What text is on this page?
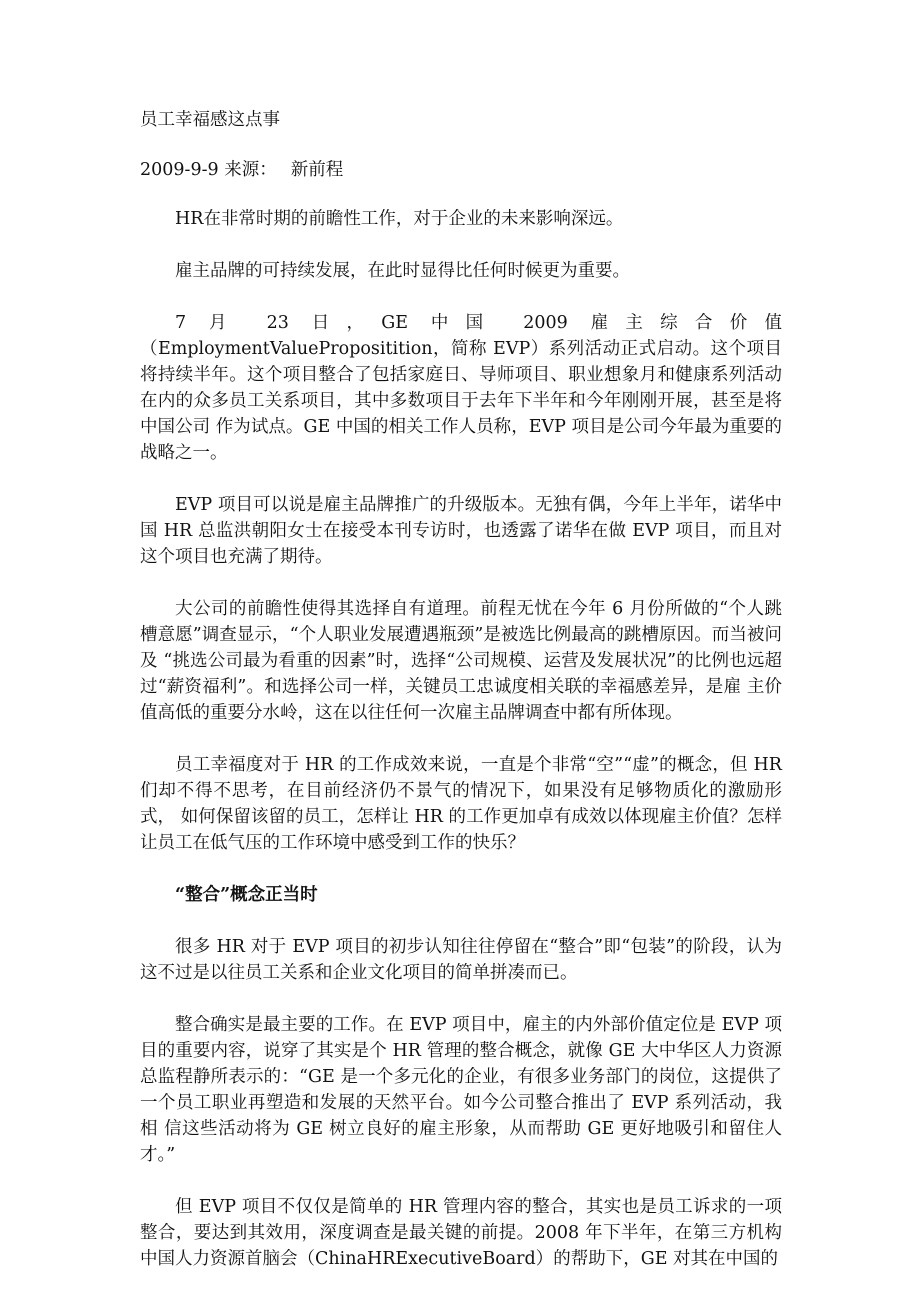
员工幸福感这点事
2009-9-9 来源： 新前程

HR在非常时期的前瞻性工作，对于企业的未来影响深远。

雇主品牌的可持续发展，在此时显得比任何时候更为重要。

7 月 23 日，GE 中国 2009 雇主综合价值（EmploymentValuePropositition，简称 EVP）系列活动正式启动。这个项目将持续半年。这个项目整合了包括家庭日、导师项目、职业想象月和健康系列活动在内的众多员工关系项目，其中多数项目于去年下半年和今年刚刚开展，甚至是将中国公司 作为试点。GE 中国的相关工作人员称，EVP 项目是公司今年最为重要的战略之一。

EVP 项目可以说是雇主品牌推广的升级版本。无独有偶，今年上半年，诺华中国 HR 总监洪朝阳女士在接受本刊专访时，也透露了诺华在做 EVP 项目，而且对这个项目也充满了期待。

大公司的前瞻性使得其选择自有道理。前程无忧在今年 6 月份所做的“个人跳槽意愿”调查显示，“个人职业发展遭遇瓶颈”是被选比例最高的跳槽原因。而当被问及 “挑选公司最为看重的因素”时，选择“公司规模、运营及发展状况”的比例也远超过“薪资福利”。和选择公司一样，关键员工忠诚度相关联的幸福感差异，是雇 主价值高低的重要分水岭，这在以往任何一次雇主品牌调查中都有所体现。

员工幸福度对于 HR 的工作成效来说，一直是个非常“空”“虚”的概念，但 HR 们却不得不思考，在目前经济仍不景气的情况下，如果没有足够物质化的激励形式， 如何保留该留的员工，怎样让 HR 的工作更加卓有成效以体现雇主价值？怎样让员工在低气压的工作环境中感受到工作的快乐？

“整合”概念正当时

很多 HR 对于 EVP 项目的初步认知往往停留在“整合”即“包装”的阶段，认为这不过是以往员工关系和企业文化项目的简单拼凑而已。

整合确实是最主要的工作。在 EVP 项目中，雇主的内外部价值定位是 EVP 项目的重要内容，说穿了其实是个 HR 管理的整合概念，就像 GE 大中华区人力资源总监程静所表示的：“GE 是一个多元化的企业，有很多业务部门的岗位，这提供了一个员工职业再塑造和发展的天然平台。如今公司整合推出了 EVP 系列活动，我相 信这些活动将为 GE 树立良好的雇主形象，从而帮助 GE 更好地吸引和留住人才。”

但 EVP 项目不仅仅是简单的 HR 管理内容的整合，其实也是员工诉求的一项整合，要达到其效用，深度调查是最关键的前提。2008 年下半年，在第三方机构中国人力资源首脑会（ChinaHRExecutiveBoard）的帮助下，GE 对其在中国的
